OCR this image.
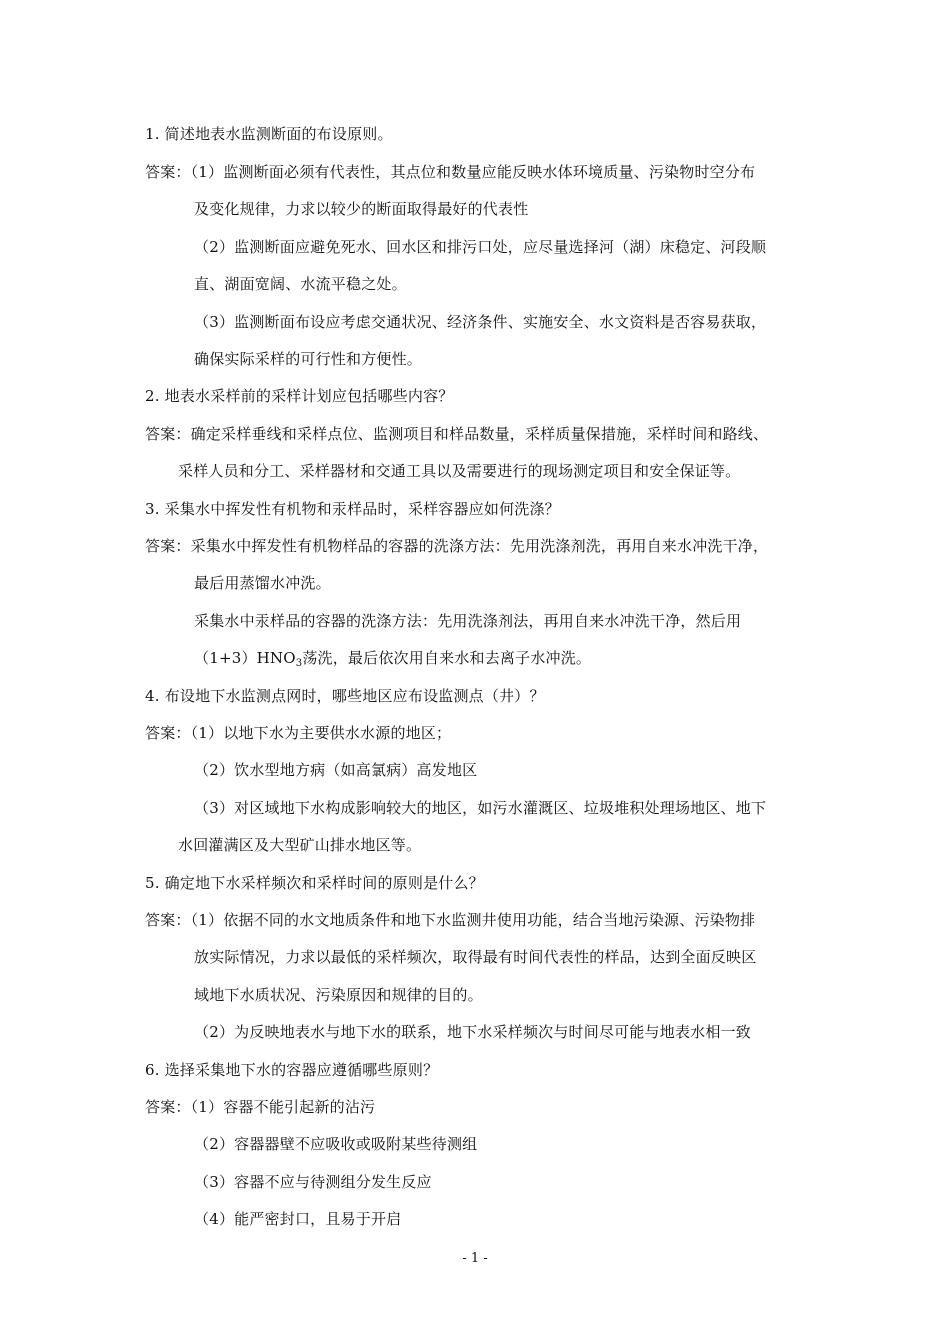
1. 简述地表水监测断面的布设原则。
答案：（1）监测断面必须有代表性，其点位和数量应能反映水体环境质量、污染物时空分布
及变化规律，力求以较少的断面取得最好的代表性
（2）监测断面应避免死水、回水区和排污口处，应尽量选择河（湖）床稳定、河段顺
直、湖面宽阔、水流平稳之处。
（3）监测断面布设应考虑交通状况、经济条件、实施安全、水文资料是否容易获取，
确保实际采样的可行性和方便性。
2. 地表水采样前的采样计划应包括哪些内容？
答案：确定采样垂线和采样点位、监测项目和样品数量，采样质量保措施，采样时间和路线、
采样人员和分工、采样器材和交通工具以及需要进行的现场测定项目和安全保证等。
3. 采集水中挥发性有机物和汞样品时，采样容器应如何洗涤？
答案：采集水中挥发性有机物样品的容器的洗涤方法：先用洗涤剂洗，再用自来水冲洗干净，
最后用蒸馏水冲洗。
采集水中汞样品的容器的洗涤方法：先用洗涤剂法，再用自来水冲洗干净，然后用
$(1+3)HNO_3$荡洗，最后依次用自来水和去离子水冲洗。
4. 布设地下水监测点网时，哪些地区应布设监测点（井）？
答案：（1）以地下水为主要供水水源的地区；
（2）饮水型地方病（如高氯病）高发地区
（3）对区域地下水构成影响较大的地区，如污水灌溉区、垃圾堆积处理场地区、地下
水回灌满区及大型矿山排水地区等。
5. 确定地下水采样频次和采样时间的原则是什么？
答案：（1）依据不同的水文地质条件和地下水监测井使用功能，结合当地污染源、污染物排
放实际情况，力求以最低的采样频次，取得最有时间代表性的样品，达到全面反映区
域地下水质状况、污染原因和规律的目的。
（2）为反映地表水与地下水的联系，地下水采样频次与时间尽可能与地表水相一致
6. 选择采集地下水的容器应遵循哪些原则？
答案：（1）容器不能引起新的沾污
（2）容器器壁不应吸收或吸附某些待测组
（3）容器不应与待测组分发生反应
（4）能严密封口，且易于开启
- 1 -
